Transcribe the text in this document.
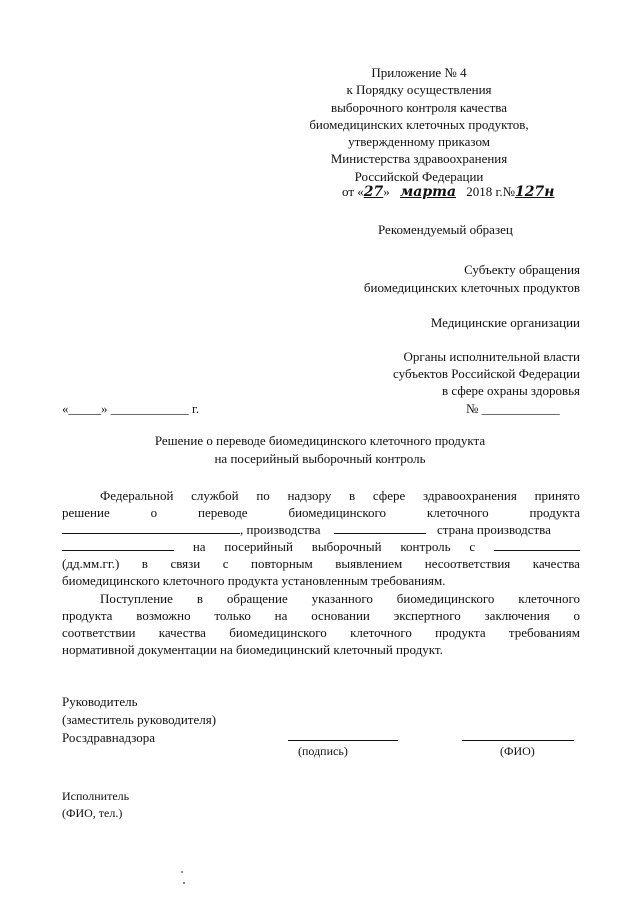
Приложение № 4
к Порядку осуществления
выборочного контроля качества
биомедицинских клеточных продуктов,
утвержденному приказом
Министерства здравоохранения
Российской Федерации
от «27» марта 2018 г.№127н
Рекомендуемый образец
Субъекту обращения
биомедицинских клеточных продуктов
Медицинские организации
Органы исполнительной власти
субъектов Российской Федерации
в сфере охраны здоровья
«_____» ____________ г.	№ ____________
Решение о переводе биомедицинского клеточного продукта
на посерийный выборочный контроль
Федеральной службой по надзору в сфере здравоохранения принято
решение	о	переводе	биомедицинского	клеточного	продукта
, производства	страна производства
на посерийный выборочный контроль с
(дд.мм.гг.) в связи с повторным выявлением несоответствия качества
биомедицинского клеточного продукта установленным требованиям.
Поступление в обращение указанного биомедицинского клеточного
продукта возможно только на основании экспертного заключения о
соответствии качества биомедицинского клеточного продукта требованиям
нормативной документации на биомедицинский клеточный продукт.
Руководитель
(заместитель руководителя)
Росздравнадзора
(подпись)	(ФИО)
Исполнитель
(ФИО, тел.)
